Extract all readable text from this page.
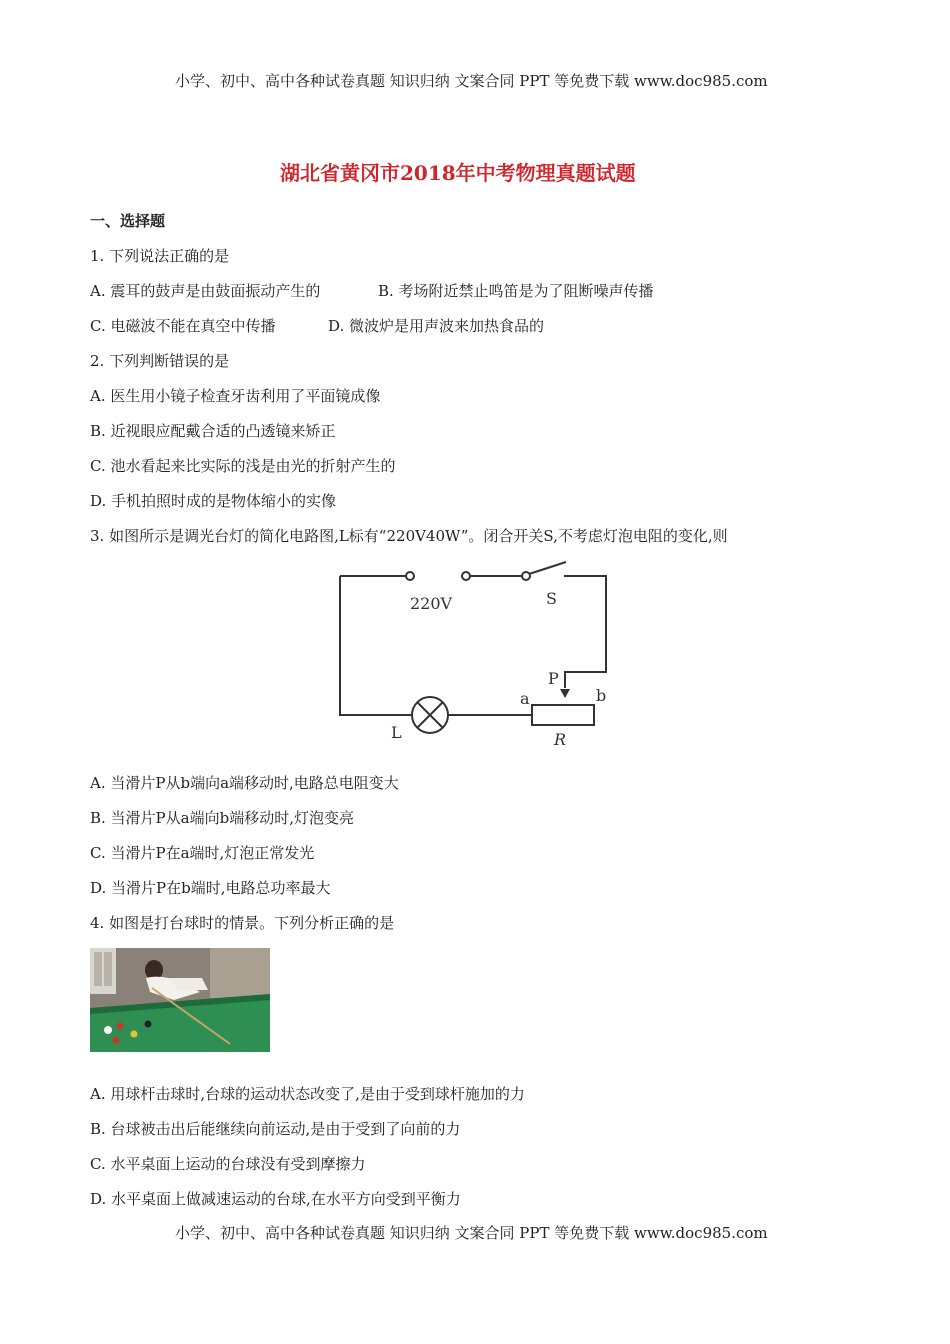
小学、初中、高中各种试卷真题 知识归纳 文案合同 PPT 等免费下载 www.doc985.com
湖北省黄冈市2018年中考物理真题试题
一、选择题
1. 下列说法正确的是
A. 震耳的鼓声是由鼓面振动产生的	B. 考场附近禁止鸣笛是为了阻断噪声传播
C. 电磁波不能在真空中传播	D. 微波炉是用声波来加热食品的
2. 下列判断错误的是
A. 医生用小镜子检查牙齿利用了平面镜成像
B. 近视眼应配戴合适的凸透镜来矫正
C. 池水看起来比实际的浅是由光的折射产生的
D. 手机拍照时成的是物体缩小的实像
3. 如图所示是调光台灯的简化电路图,L标有“220V40W”。闭合开关S,不考虑灯泡电阻的变化,则
220V	S
L
P
a	b
R
A. 当滑片P从b端向a端移动时,电路总电阻变大
B. 当滑片P从a端向b端移动时,灯泡变亮
C. 当滑片P在a端时,灯泡正常发光
D. 当滑片P在b端时,电路总功率最大
4. 如图是打台球时的情景。下列分析正确的是
A. 用球杆击球时,台球的运动状态改变了,是由于受到球杆施加的力
B. 台球被击出后能继续向前运动,是由于受到了向前的力
C. 水平桌面上运动的台球没有受到摩擦力
D. 水平桌面上做减速运动的台球,在水平方向受到平衡力
小学、初中、高中各种试卷真题 知识归纳 文案合同 PPT 等免费下载 www.doc985.com
